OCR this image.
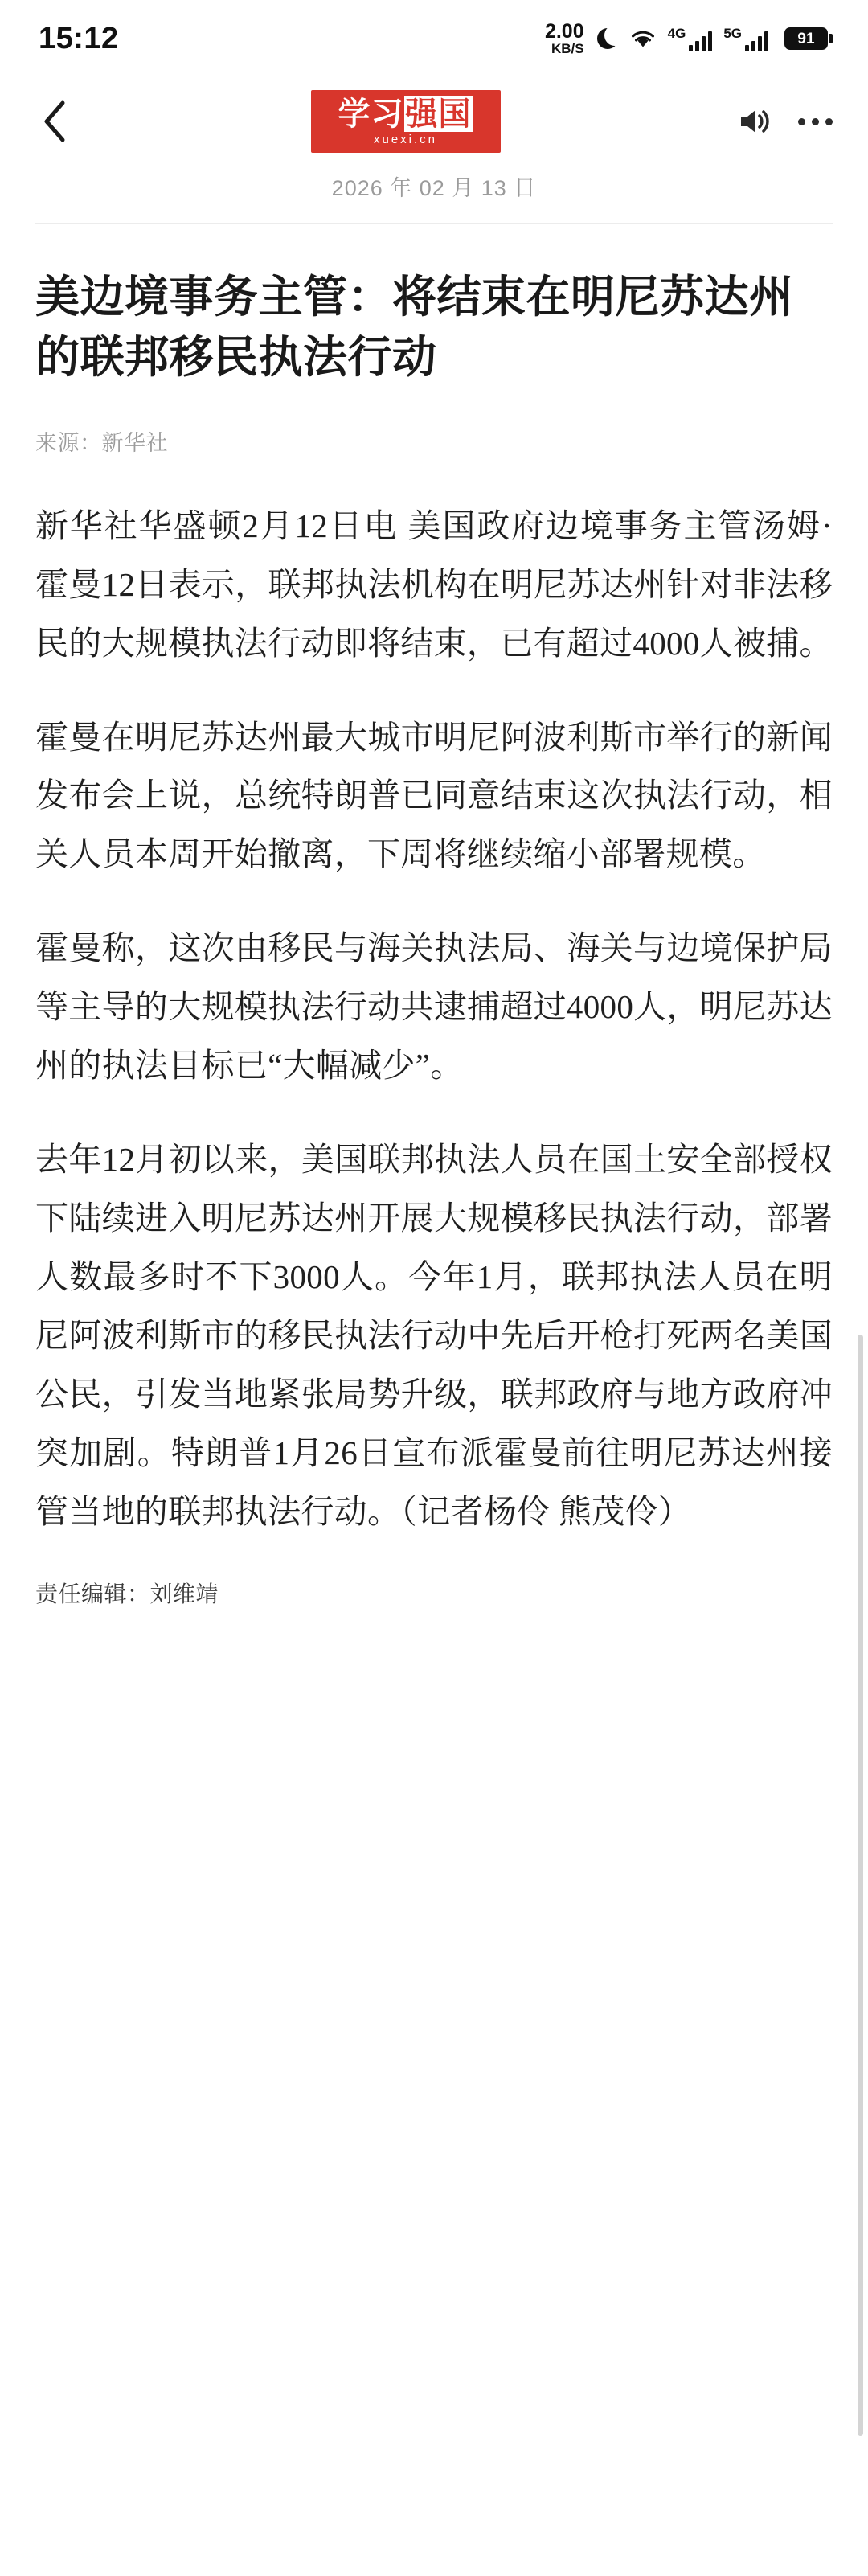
15:12	2.00
KB/S
4G	5G	91
学习强国
xuexi.cn
2026 年 02 月 13 日
美边境事务主管：将结束在明尼苏达州的联邦移民执法行动
来源：新华社

新华社华盛顿2月12日电 美国政府边境事务主管汤姆·霍曼12日表示，联邦执法机构在明尼苏达州针对非法移民的大规模执法行动即将结束，已有超过4000人被捕。

霍曼在明尼苏达州最大城市明尼阿波利斯市举行的新闻发布会上说，总统特朗普已同意结束这次执法行动，相关人员本周开始撤离，下周将继续缩小部署规模。

霍曼称，这次由移民与海关执法局、海关与边境保护局等主导的大规模执法行动共逮捕超过4000人，明尼苏达州的执法目标已“大幅减少”。

去年12月初以来，美国联邦执法人员在国土安全部授权下陆续进入明尼苏达州开展大规模移民执法行动，部署人数最多时不下3000人。今年1月，联邦执法人员在明尼阿波利斯市的移民执法行动中先后开枪打死两名美国公民，引发当地紧张局势升级，联邦政府与地方政府冲突加剧。特朗普1月26日宣布派霍曼前往明尼苏达州接管当地的联邦执法行动。（记者杨伶 熊茂伶）

责任编辑：刘维靖
